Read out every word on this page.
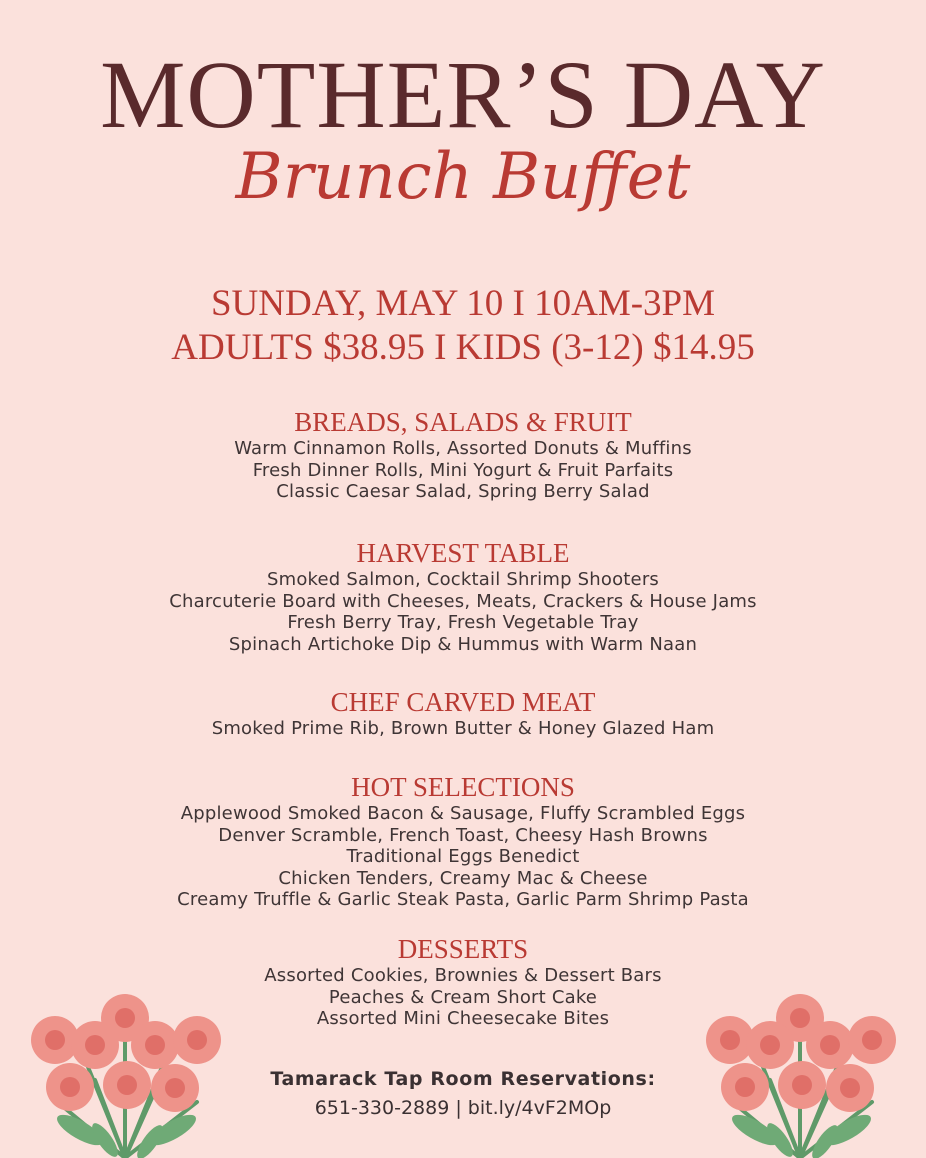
MOTHER’S DAY
Brunch Buffet
SUNDAY, MAY 10 I 10AM-3PM
ADULTS $38.95 I KIDS (3-12) $14.95
BREADS, SALADS & FRUIT
Warm Cinnamon Rolls, Assorted Donuts & Muffins
Fresh Dinner Rolls, Mini Yogurt & Fruit Parfaits
Classic Caesar Salad, Spring Berry Salad
HARVEST TABLE
Smoked Salmon, Cocktail Shrimp Shooters
Charcuterie Board with Cheeses, Meats, Crackers & House Jams
Fresh Berry Tray, Fresh Vegetable Tray
Spinach Artichoke Dip & Hummus with Warm Naan
CHEF CARVED MEAT
Smoked Prime Rib, Brown Butter & Honey Glazed Ham
HOT SELECTIONS
Applewood Smoked Bacon & Sausage, Fluffy Scrambled Eggs
Denver Scramble, French Toast, Cheesy Hash Browns
Traditional Eggs Benedict
Chicken Tenders, Creamy Mac & Cheese
Creamy Truffle & Garlic Steak Pasta, Garlic Parm Shrimp Pasta
DESSERTS
Assorted Cookies, Brownies & Dessert Bars
Peaches & Cream Short Cake
Assorted Mini Cheesecake Bites
Tamarack Tap Room Reservations:
651-330-2889 | bit.ly/4vF2MOp
